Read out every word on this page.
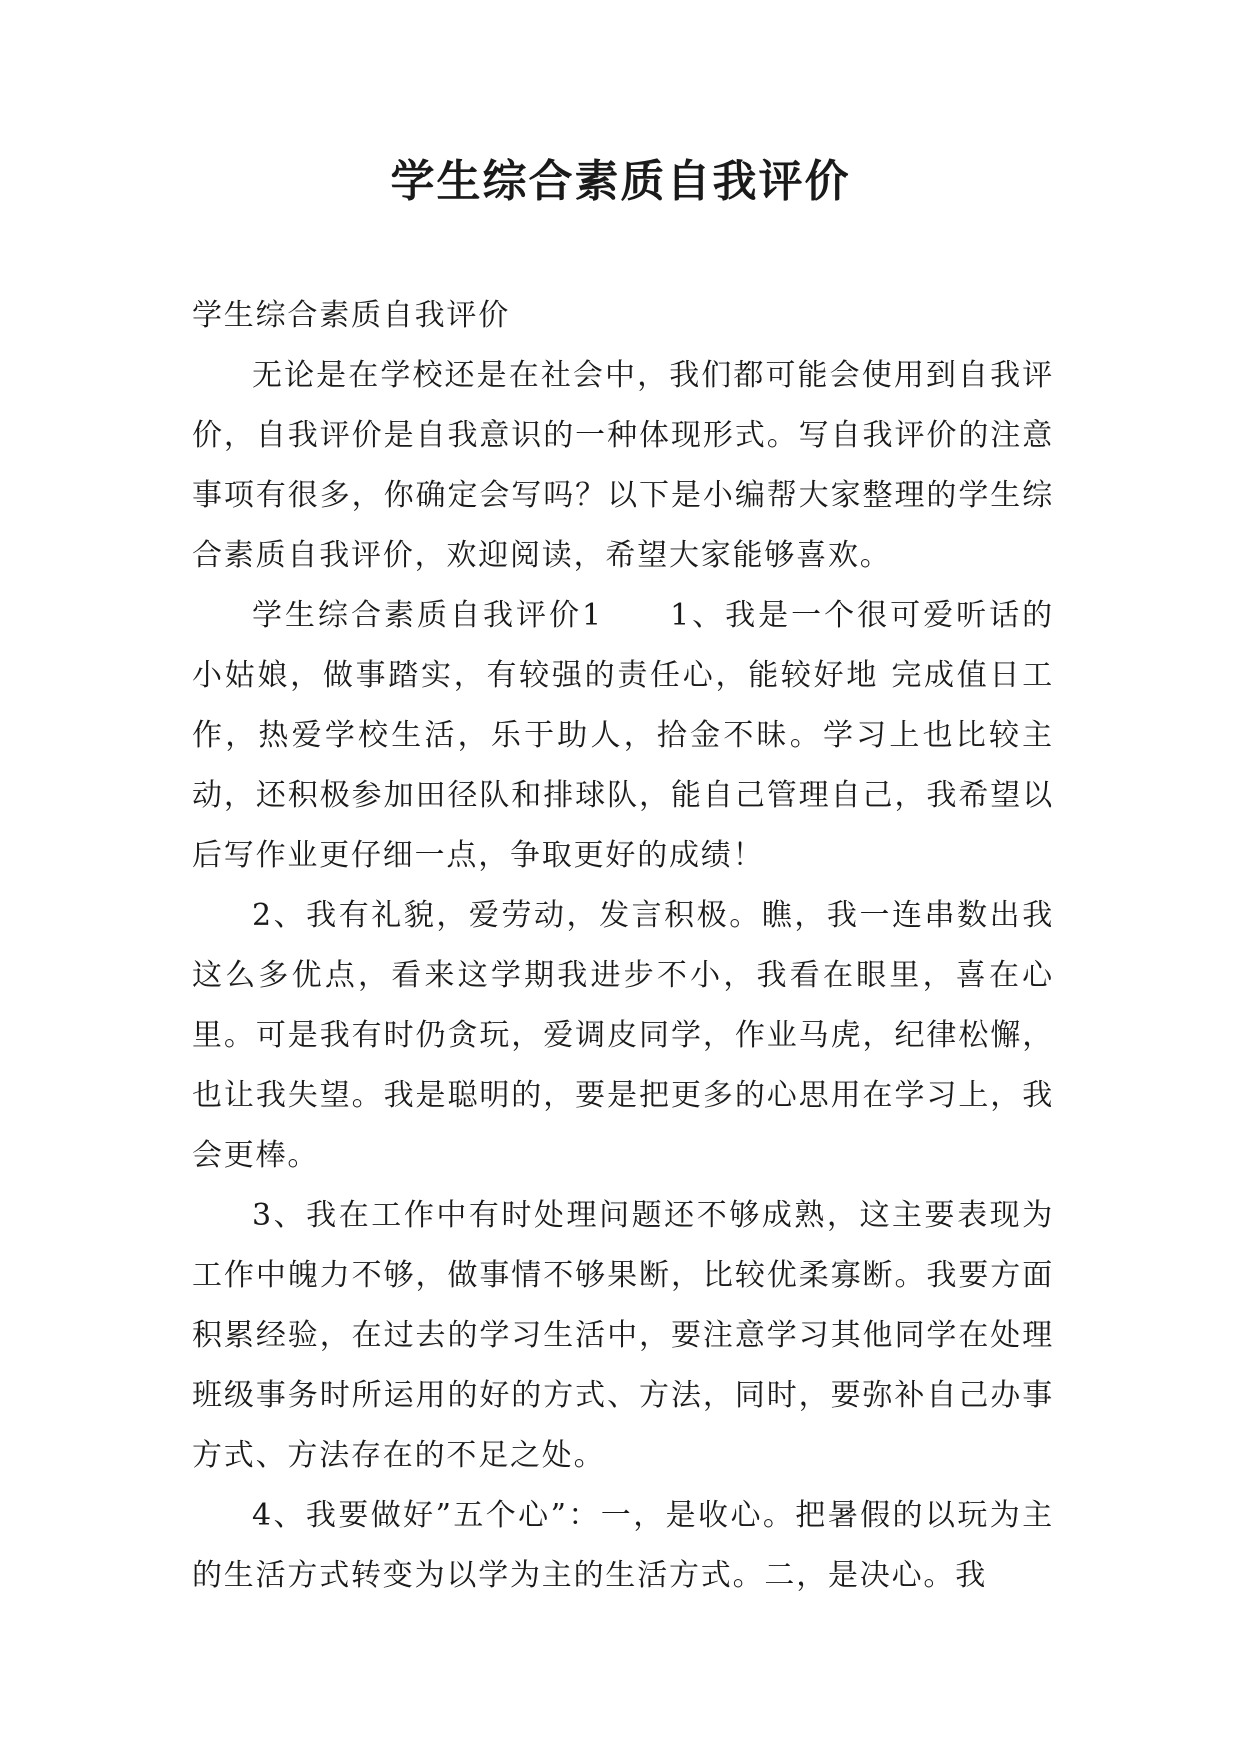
学生综合素质自我评价

学生综合素质自我评价

无论是在学校还是在社会中，我们都可能会使用到自我评价，自我评价是自我意识的一种体现形式。写自我评价的注意事项有很多，你确定会写吗？以下是小编帮大家整理的学生综合素质自我评价，欢迎阅读，希望大家能够喜欢。

学生综合素质自我评价1　　1、我是一个很可爱听话的小姑娘，做事踏实，有较强的责任心，能较好地 完成值日工作，热爱学校生活，乐于助人，拾金不昧。学习上也比较主动，还积极参加田径队和排球队，能自己管理自己，我希望以后写作业更仔细一点，争取更好的成绩！

2、我有礼貌，爱劳动，发言积极。瞧，我一连串数出我这么多优点，看来这学期我进步不小，我看在眼里，喜在心里。可是我有时仍贪玩，爱调皮同学，作业马虎，纪律松懈，也让我失望。我是聪明的，要是把更多的心思用在学习上，我会更棒。

3、我在工作中有时处理问题还不够成熟，这主要表现为工作中魄力不够，做事情不够果断，比较优柔寡断。我要方面积累经验，在过去的学习生活中，要注意学习其他同学在处理班级事务时所运用的好的方式、方法，同时，要弥补自己办事方式、方法存在的不足之处。

4、我要做好”五个心”：一，是收心。把暑假的以玩为主的生活方式转变为以学为主的生活方式。二，是决心。我
